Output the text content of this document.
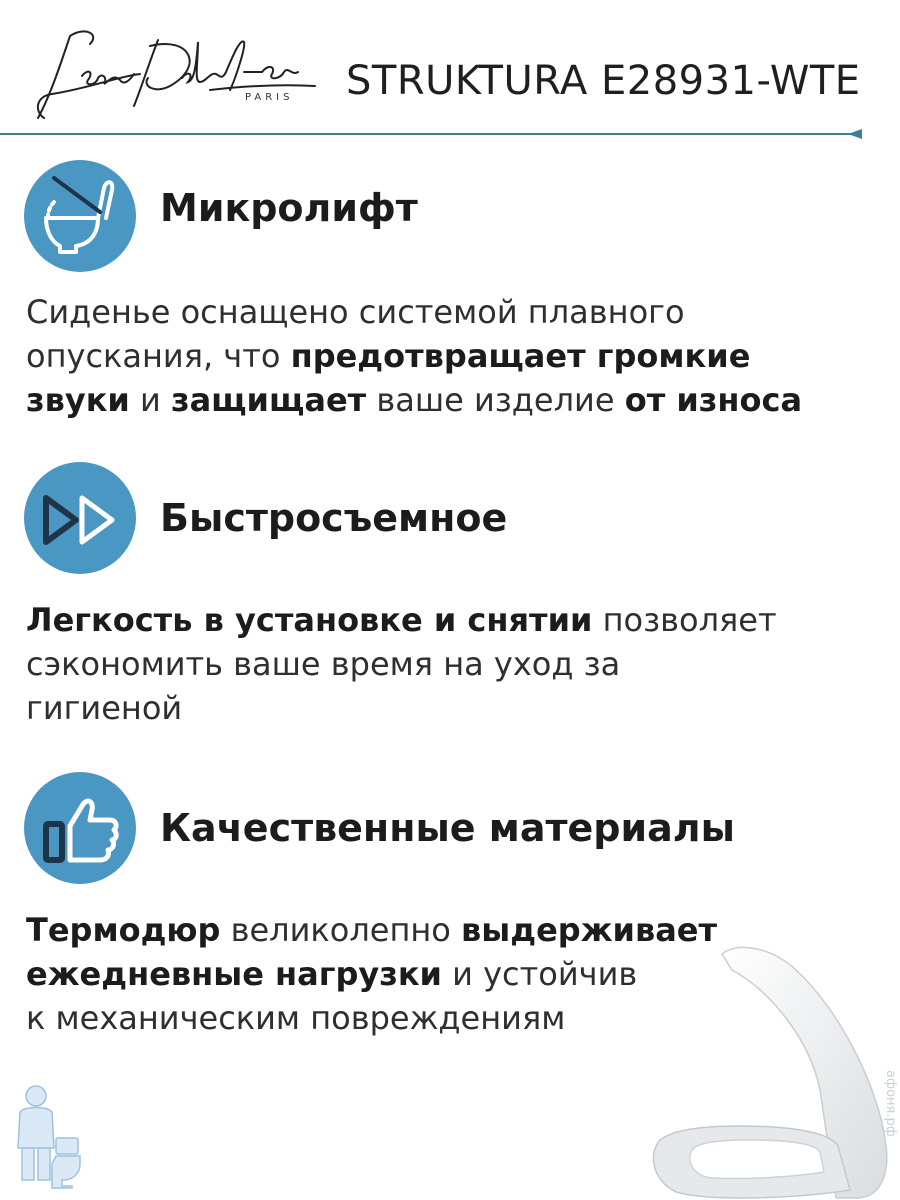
PARIS STRUKTURA E28931-WTE
Микролифт
Сиденье оснащено системой плавного
опускания, что предотвращает громкие
звуки и защищает ваше изделие от износа
Быстросъемное
Легкость в установке и снятии позволяет
сэкономить ваше время на уход за
гигиеной
Качественные материалы
Термодюр великолепно выдерживает
ежедневные нагрузки и устойчив
к механическим повреждениям
афоня.рф
